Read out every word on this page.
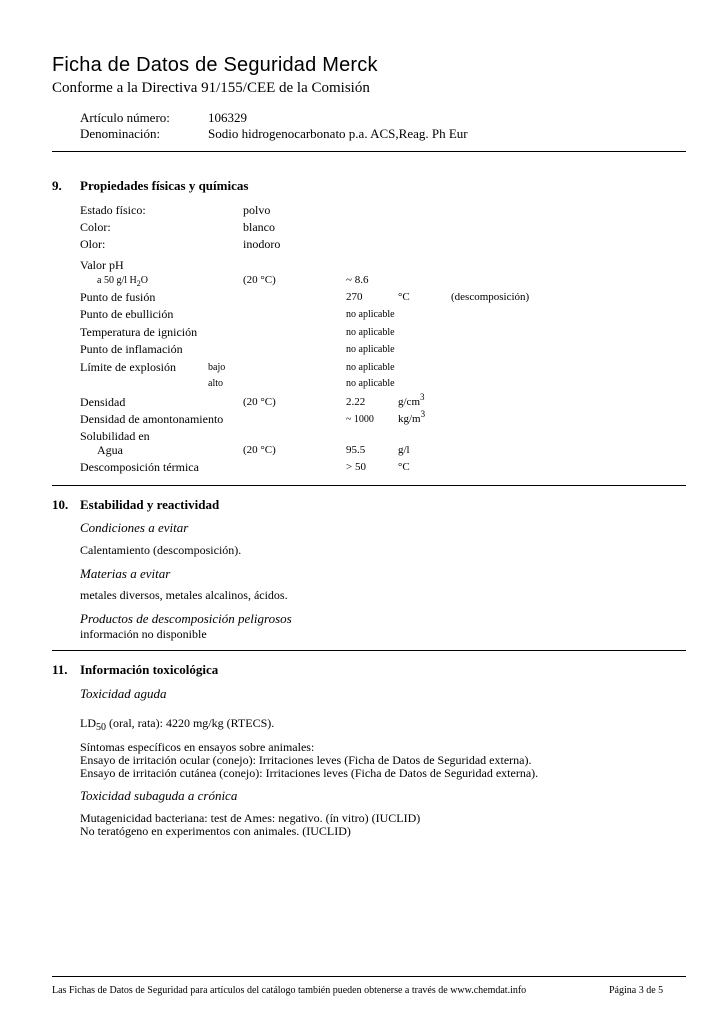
Ficha de Datos de Seguridad Merck
Conforme a la Directiva 91/155/CEE de la Comisión
Artículo número:	106329
Denominación:	Sodio hidrogenocarbonato p.a. ACS,Reag. Ph Eur
9. Propiedades físicas y químicas
Estado físico:	polvo
Color:	blanco
Olor:	inodoro
Valor pH
a 50 g/l $H_2O$	(20 °C)	~ 8.6
Punto de fusión	270	°C	(descomposición)
Punto de ebullición	no aplicable
Temperatura de ignición	no aplicable
Punto de inflamación	no aplicable
Límite de explosión	bajo	no aplicable
alto	no aplicable
Densidad	(20 °C)	2.22	$g/cm^3$
Densidad de amontonamiento	~ 1000 $kg/m^3$
Solubilidad en
Agua	(20 °C)	95.5	g/l
Descomposición térmica	> 50	°C
10. Estabilidad y reactividad
Condiciones a evitar
Calentamiento (descomposición).
Materias a evitar
metales diversos, metales alcalinos, ácidos.
Productos de descomposición peligrosos
información no disponible
11. Información toxicológica
Toxicidad aguda
$LD_{50}$ (oral, rata): 4220 mg/kg (RTECS).
Síntomas específicos en ensayos sobre animales:
Ensayo de irritación ocular (conejo): Irritaciones leves (Ficha de Datos de Seguridad externa).
Ensayo de irritación cutánea (conejo): Irritaciones leves (Ficha de Datos de Seguridad externa).
Toxicidad subaguda a crónica
Mutagenicidad bacteriana: test de Ames: negativo. (ín vitro) (IUCLID)
No teratógeno en experimentos con animales. (IUCLID)
Las Fichas de Datos de Seguridad para artículos del catálogo también pueden obtenerse a través de www.chemdat.info	Página 3 de 5
